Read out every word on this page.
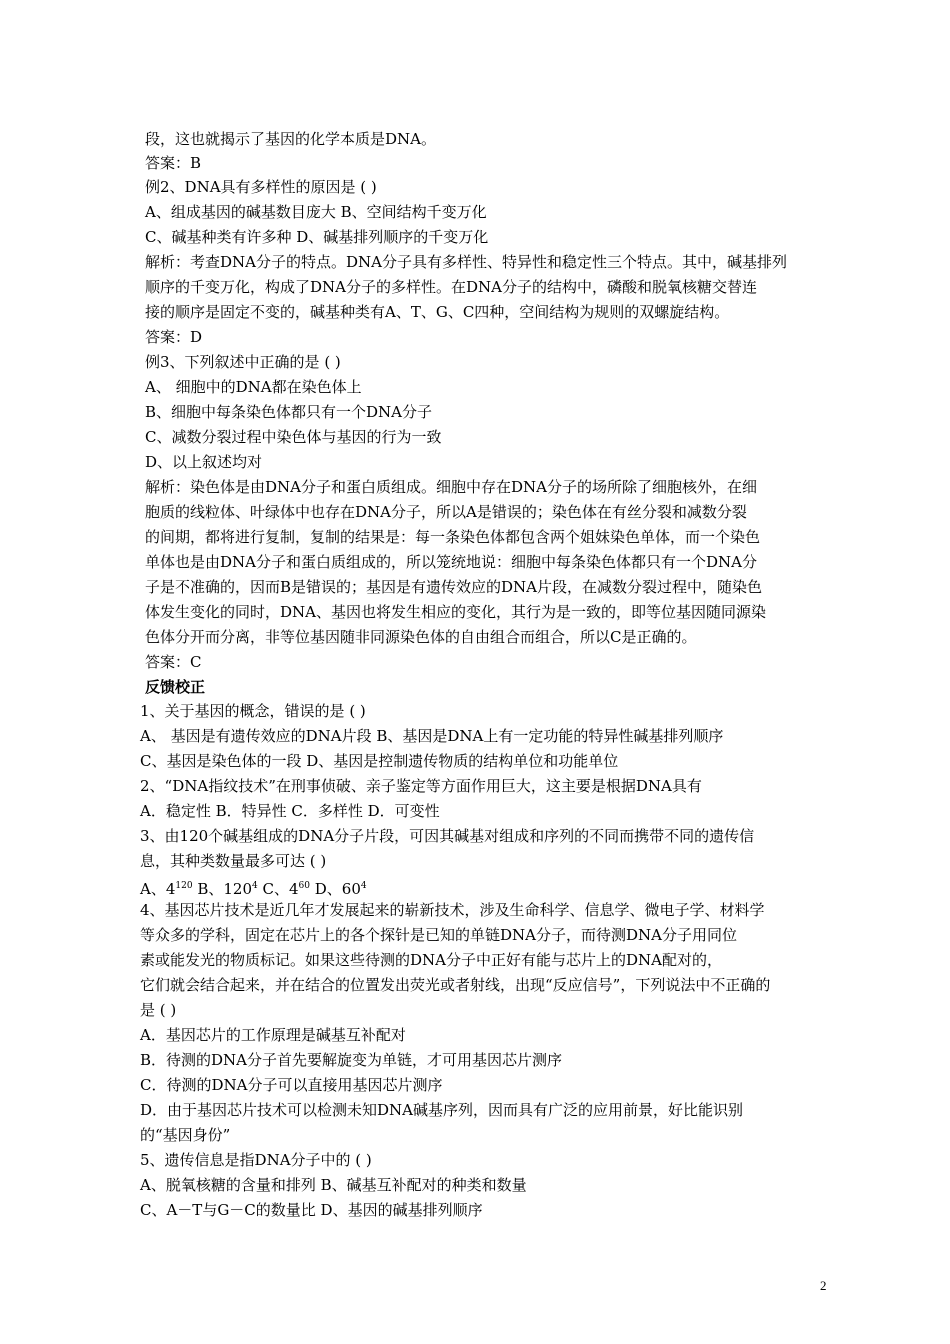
段，这也就揭示了基因的化学本质是DNA。
答案：B
例2、DNA具有多样性的原因是 ( )
A、组成基因的碱基数目庞大 B、空间结构千变万化
C、碱基种类有许多种 D、碱基排列顺序的千变万化
解析：考查DNA分子的特点。DNA分子具有多样性、特异性和稳定性三个特点。其中，碱基排列
顺序的千变万化，构成了DNA分子的多样性。在DNA分子的结构中，磷酸和脱氧核糖交替连
接的顺序是固定不变的，碱基种类有A、T、G、C四种，空间结构为规则的双螺旋结构。
答案：D
例3、下列叙述中正确的是 ( )
A、 细胞中的DNA都在染色体上
B、细胞中每条染色体都只有一个DNA分子
C、减数分裂过程中染色体与基因的行为一致
D、以上叙述均对
解析：染色体是由DNA分子和蛋白质组成。细胞中存在DNA分子的场所除了细胞核外，在细
胞质的线粒体、叶绿体中也存在DNA分子，所以A是错误的；染色体在有丝分裂和减数分裂
的间期，都将进行复制，复制的结果是：每一条染色体都包含两个姐妹染色单体，而一个染色
单体也是由DNA分子和蛋白质组成的，所以笼统地说：细胞中每条染色体都只有一个DNA分
子是不准确的，因而B是错误的；基因是有遗传效应的DNA片段，在减数分裂过程中，随染色
体发生变化的同时，DNA、基因也将发生相应的变化，其行为是一致的，即等位基因随同源染
色体分开而分离，非等位基因随非同源染色体的自由组合而组合，所以C是正确的。
答案：C
反馈校正
1、关于基因的概念，错误的是 ( )
A、 基因是有遗传效应的DNA片段 B、基因是DNA上有一定功能的特异性碱基排列顺序
C、基因是染色体的一段 D、基因是控制遗传物质的结构单位和功能单位
2、“DNA指纹技术”在刑事侦破、亲子鉴定等方面作用巨大，这主要是根据DNA具有
A．稳定性 B．特异性 C．多样性 D．可变性
3、由120个碱基组成的DNA分子片段，可因其碱基对组成和序列的不同而携带不同的遗传信
息，其种类数量最多可达 ( )
A、$4^{120}$ B、$120^4$ C、$4^{60}$ D、$60^4$
4、基因芯片技术是近几年才发展起来的崭新技术，涉及生命科学、信息学、微电子学、材料学
等众多的学科，固定在芯片上的各个探针是已知的单链DNA分子，而待测DNA分子用同位
素或能发光的物质标记。如果这些待测的DNA分子中正好有能与芯片上的DNA配对的，
它们就会结合起来，并在结合的位置发出荧光或者射线，出现“反应信号”，下列说法中不正确的
是 ( )
A．基因芯片的工作原理是碱基互补配对
B．待测的DNA分子首先要解旋变为单链，才可用基因芯片测序
C．待测的DNA分子可以直接用基因芯片测序
D．由于基因芯片技术可以检测未知DNA碱基序列，因而具有广泛的应用前景，好比能识别
的“基因身份”
5、遗传信息是指DNA分子中的 ( )
A、脱氧核糖的含量和排列 B、碱基互补配对的种类和数量
C、A－T与G－C的数量比 D、基因的碱基排列顺序
2
